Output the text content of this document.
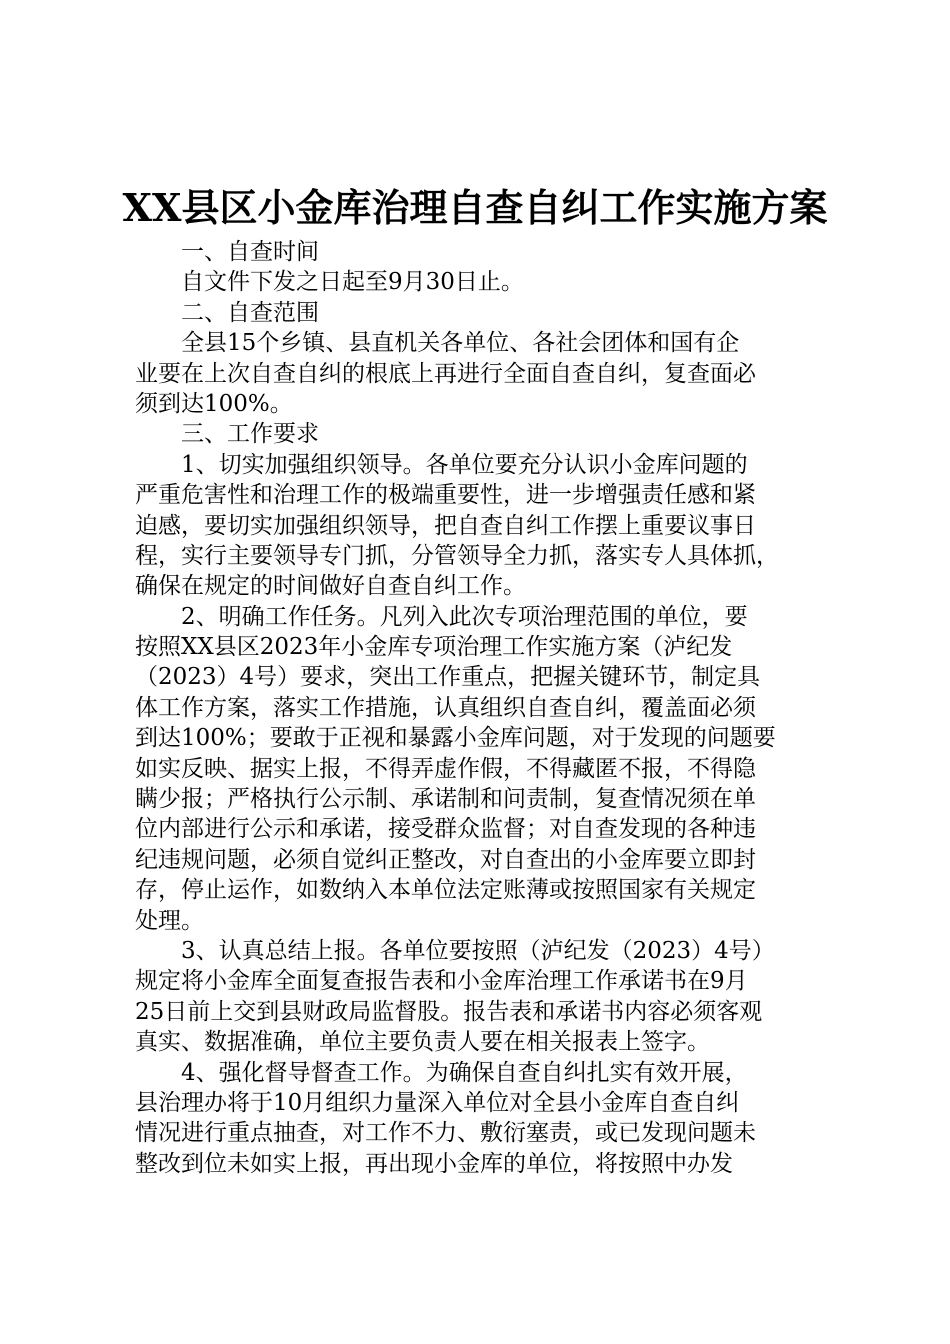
XX县区小金库治理自查自纠工作实施方案
一、自查时间
自文件下发之日起至9月30日止。
二、自查范围
全县15个乡镇、县直机关各单位、各社会团体和国有企
业要在上次自查自纠的根底上再进行全面自查自纠，复查面必
须到达100%。
三、工作要求
1、切实加强组织领导。各单位要充分认识小金库问题的
严重危害性和治理工作的极端重要性，进一步增强责任感和紧
迫感，要切实加强组织领导，把自查自纠工作摆上重要议事日
程，实行主要领导专门抓，分管领导全力抓，落实专人具体抓，
确保在规定的时间做好自查自纠工作。
2、明确工作任务。凡列入此次专项治理范围的单位，要
按照XX县区2023年小金库专项治理工作实施方案（泸纪发
（2023）4号）要求，突出工作重点，把握关键环节，制定具
体工作方案，落实工作措施，认真组织自查自纠，覆盖面必须
到达100%；要敢于正视和暴露小金库问题，对于发现的问题要
如实反映、据实上报，不得弄虚作假，不得藏匿不报，不得隐
瞒少报；严格执行公示制、承诺制和问责制，复查情况须在单
位内部进行公示和承诺，接受群众监督；对自查发现的各种违
纪违规问题，必须自觉纠正整改，对自查出的小金库要立即封
存，停止运作，如数纳入本单位法定账薄或按照国家有关规定
处理。
3、认真总结上报。各单位要按照（泸纪发（2023）4号）
规定将小金库全面复查报告表和小金库治理工作承诺书在9月
25日前上交到县财政局监督股。报告表和承诺书内容必须客观
真实、数据准确，单位主要负责人要在相关报表上签字。
4、强化督导督查工作。为确保自查自纠扎实有效开展，
县治理办将于10月组织力量深入单位对全县小金库自查自纠
情况进行重点抽查，对工作不力、敷衍塞责，或已发现问题未
整改到位未如实上报，再出现小金库的单位，将按照中办发
